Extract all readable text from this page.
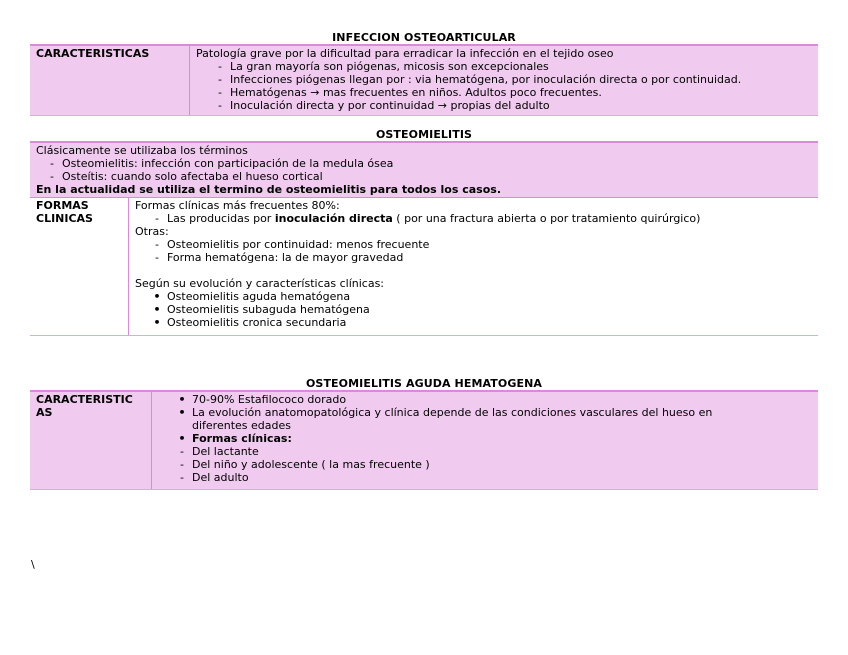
INFECCION OSTEOARTICULAR
CARACTERISTICAS	Patología grave por la dificultad para erradicar la infección en el tejido oseo
- La gran mayoría son piógenas, micosis son excepcionales
- Infecciones piógenas llegan por : via hematógena, por inoculación directa o por continuidad.
- Hematógenas → mas frecuentes en niños. Adultos poco frecuentes.
- Inoculación directa y por continuidad → propias del adulto
OSTEOMIELITIS
Clásicamente se utilizaba los términos
- Osteomielitis: infección con participación de la medula ósea
- Osteítis: cuando solo afectaba el hueso cortical
En la actualidad se utiliza el termino de osteomielitis para todos los casos.
FORMAS
CLINICAS
Formas clínicas más frecuentes 80%:
- Las producidas por inoculación directa ( por una fractura abierta o por tratamiento quirúrgico)
Otras:
- Osteomielitis por continuidad: menos frecuente
- Forma hematógena: la de mayor gravedad
Según su evolución y características clínicas:
• Osteomielitis aguda hematógena
• Osteomielitis subaguda hematógena
• Osteomielitis cronica secundaria
OSTEOMIELITIS AGUDA HEMATOGENA
CARACTERISTIC
AS
• 70-90% Estafilococo dorado
• La evolución anatomopatológica y clínica depende de las condiciones vasculares del hueso en
diferentes edades
• Formas clínicas:
- Del lactante
- Del niño y adolescente ( la mas frecuente )
- Del adulto
\
